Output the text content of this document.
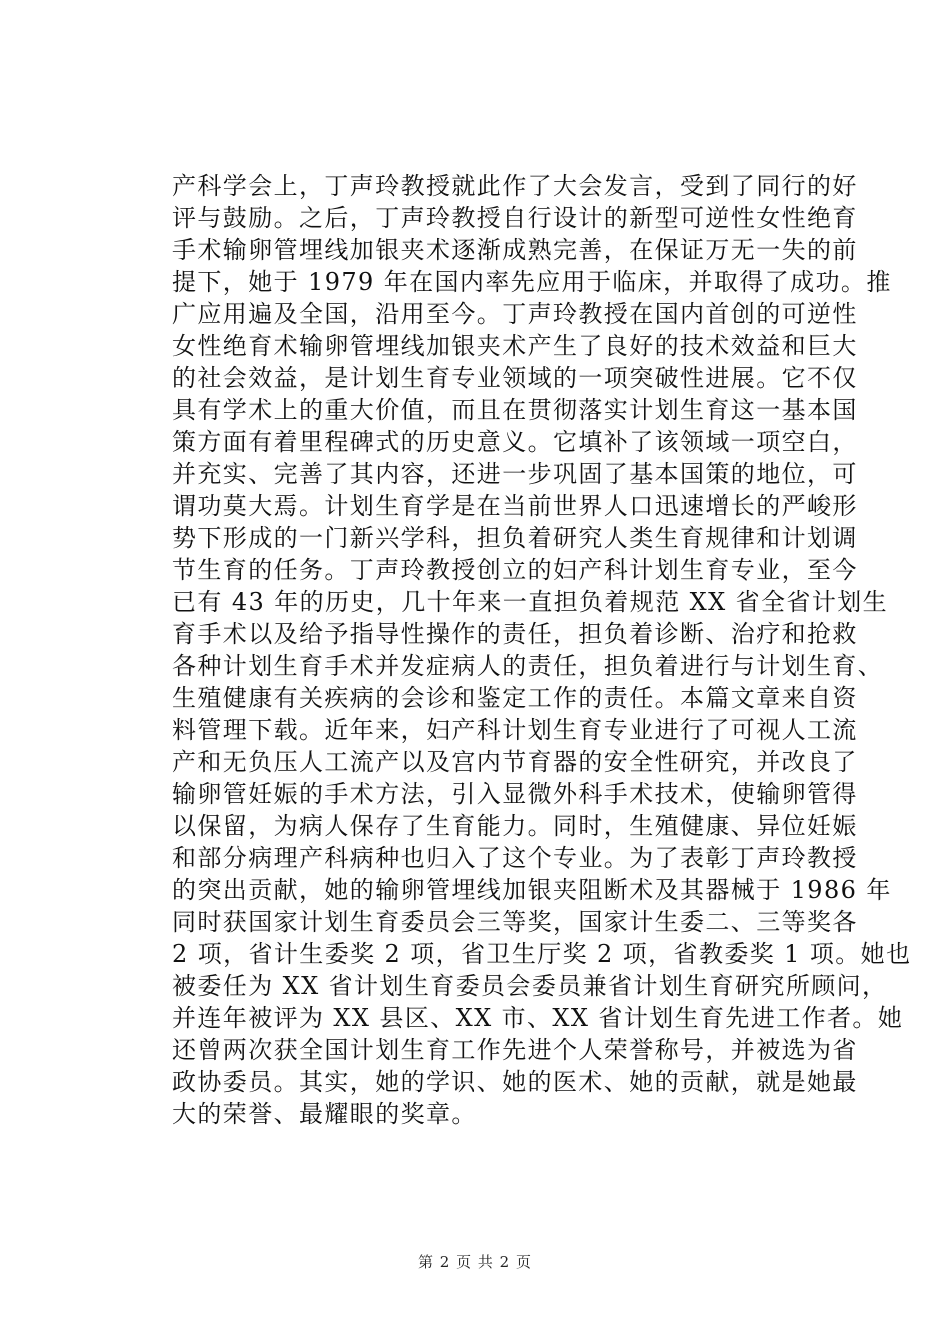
产科学会上，丁声玲教授就此作了大会发言，受到了同行的好
评与鼓励。之后，丁声玲教授自行设计的新型可逆性女性绝育
手术输卵管埋线加银夹术逐渐成熟完善，在保证万无一失的前
提下，她于 1979 年在国内率先应用于临床，并取得了成功。推
广应用遍及全国，沿用至今。丁声玲教授在国内首创的可逆性
女性绝育术输卵管埋线加银夹术产生了良好的技术效益和巨大
的社会效益，是计划生育专业领域的一项突破性进展。它不仅
具有学术上的重大价值，而且在贯彻落实计划生育这一基本国
策方面有着里程碑式的历史意义。它填补了该领域一项空白，
并充实、完善了其内容，还进一步巩固了基本国策的地位，可
谓功莫大焉。计划生育学是在当前世界人口迅速增长的严峻形
势下形成的一门新兴学科，担负着研究人类生育规律和计划调
节生育的任务。丁声玲教授创立的妇产科计划生育专业，至今
已有 43 年的历史，几十年来一直担负着规范 XX 省全省计划生
育手术以及给予指导性操作的责任，担负着诊断、治疗和抢救
各种计划生育手术并发症病人的责任，担负着进行与计划生育、
生殖健康有关疾病的会诊和鉴定工作的责任。本篇文章来自资
料管理下载。近年来，妇产科计划生育专业进行了可视人工流
产和无负压人工流产以及宫内节育器的安全性研究，并改良了
输卵管妊娠的手术方法，引入显微外科手术技术，使输卵管得
以保留，为病人保存了生育能力。同时，生殖健康、异位妊娠
和部分病理产科病种也归入了这个专业。为了表彰丁声玲教授
的突出贡献，她的输卵管埋线加银夹阻断术及其器械于 1986 年
同时获国家计划生育委员会三等奖，国家计生委二、三等奖各
2 项，省计生委奖 2 项，省卫生厅奖 2 项，省教委奖 1 项。她也
被委任为 XX 省计划生育委员会委员兼省计划生育研究所顾问，
并连年被评为 XX 县区、XX 市、XX 省计划生育先进工作者。她
还曾两次获全国计划生育工作先进个人荣誉称号，并被选为省
政协委员。其实，她的学识、她的医术、她的贡献，就是她最
大的荣誉、最耀眼的奖章。

第 2 页 共 2 页
